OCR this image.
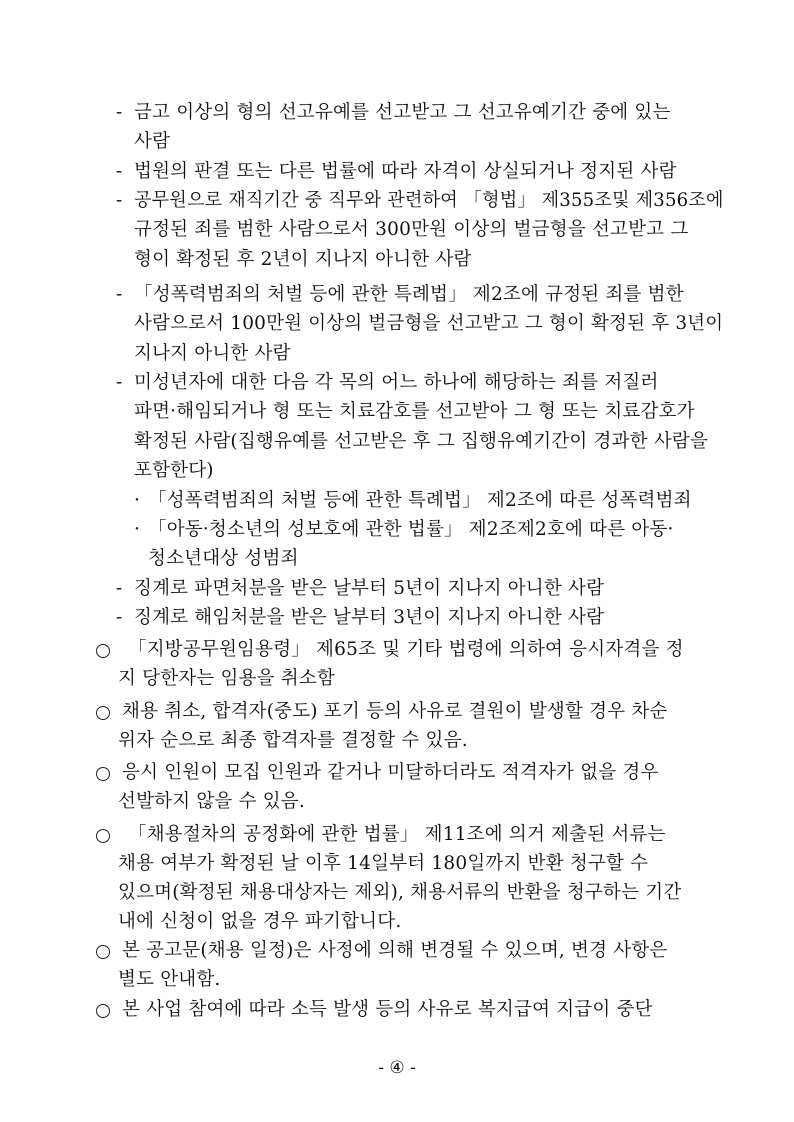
- 금고 이상의 형의 선고유예를 선고받고 그 선고유예기간 중에 있는
사람
- 법원의 판결 또는 다른 법률에 따라 자격이 상실되거나 정지된 사람
- 공무원으로 재직기간 중 직무와 관련하여 「형법」 제355조및 제356조에
규정된 죄를 범한 사람으로서 300만원 이상의 벌금형을 선고받고 그
형이 확정된 후 2년이 지나지 아니한 사람
- 「성폭력범죄의 처벌 등에 관한 특례법」 제2조에 규정된 죄를 범한
사람으로서 100만원 이상의 벌금형을 선고받고 그 형이 확정된 후 3년이
지나지 아니한 사람
- 미성년자에 대한 다음 각 목의 어느 하나에 해당하는 죄를 저질러
파면·해임되거나 형 또는 치료감호를 선고받아 그 형 또는 치료감호가
확정된 사람(집행유예를 선고받은 후 그 집행유예기간이 경과한 사람을
포함한다)
· 「성폭력범죄의 처벌 등에 관한 특례법」 제2조에 따른 성폭력범죄
· 「아동·청소년의 성보호에 관한 법률」 제2조제2호에 따른 아동·
청소년대상 성범죄
- 징계로 파면처분을 받은 날부터 5년이 지나지 아니한 사람
- 징계로 해임처분을 받은 날부터 3년이 지나지 아니한 사람
「지방공무원임용령」 제65조 및 기타 법령에 의하여 응시자격을 정
지 당한자는 임용을 취소함
채용 취소, 합격자(중도) 포기 등의 사유로 결원이 발생할 경우 차순
위자 순으로 최종 합격자를 결정할 수 있음.
응시 인원이 모집 인원과 같거나 미달하더라도 적격자가 없을 경우
선발하지 않을 수 있음.
「채용절차의 공정화에 관한 법률」 제11조에 의거 제출된 서류는
채용 여부가 확정된 날 이후 14일부터 180일까지 반환 청구할 수
있으며(확정된 채용대상자는 제외), 채용서류의 반환을 청구하는 기간
내에 신청이 없을 경우 파기합니다.
본 공고문(채용 일정)은 사정에 의해 변경될 수 있으며, 변경 사항은
별도 안내함.
본 사업 참여에 따라 소득 발생 등의 사유로 복지급여 지급이 중단
- ④ -
